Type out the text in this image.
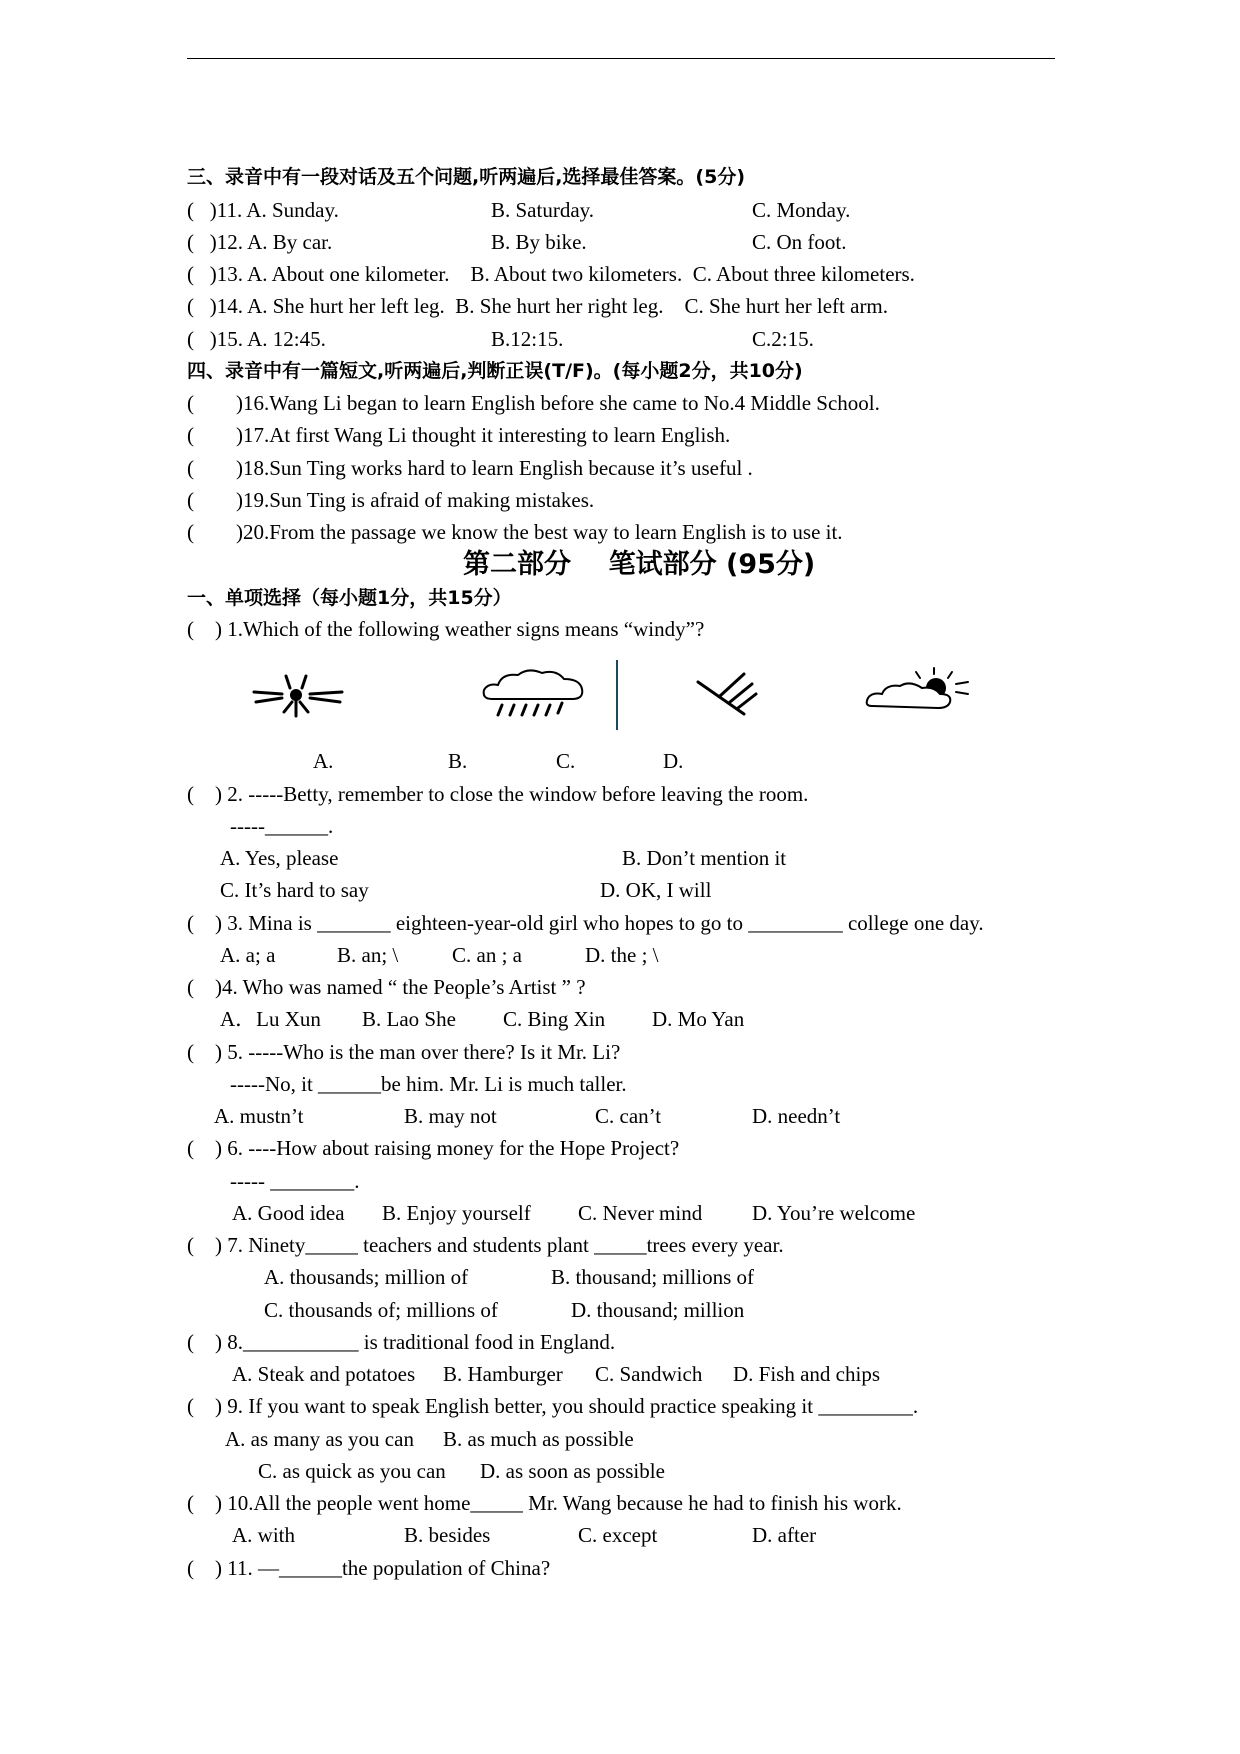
三、录音中有一段对话及五个问题,听两遍后,选择最佳答案。(5分)
(   )11. A. Sunday.	B. Saturday.	C. Monday.
(   )12. A. By car.	B. By bike.	C. On foot.
(   )13. A. About one kilometer.    B. About two kilometers.  C. About three kilometers.
(   )14. A. She hurt her left leg.  B. She hurt her right leg.    C. She hurt her left arm.
(   )15. A. 12:45.	B.12:15.	C.2:15.
四、录音中有一篇短文,听两遍后,判断正误(T/F)。(每小题2分，共10分)
(        )16.Wang Li began to learn English before she came to No.4 Middle School.
(        )17.At first Wang Li thought it interesting to learn English.
(        )18.Sun Ting works hard to learn English because it’s useful .
(        )19.Sun Ting is afraid of making mistakes.
(        )20.From the passage we know the best way to learn English is to use it.
第二部分    笔试部分 (95分)
一、单项选择（每小题1分，共15分）
(    ) 1.Which of the following weather signs means “windy”?
A.	B.	C.	D.
(    ) 2. -----Betty, remember to close the window before leaving the room.
-----______.
A. Yes, please	B. Don’t mention it
C. It’s hard to say	D. OK, I will
(    ) 3. Mina is _______ eighteen-year-old girl who hopes to go to _________ college one day.
A. a; a	B. an; \	C. an ; a	D. the ; \
(    )4. Who was named “ the People’s Artist ” ?
A．Lu Xun B. Lao She C. Bing Xin D. Mo Yan
(    ) 5. -----Who is the man over there? Is it Mr. Li?
-----No, it ______be him. Mr. Li is much taller.
A. mustn’t	B. may not	C. can’t	D. needn’t
(    ) 6. ----How about raising money for the Hope Project?
----- ________.
A. Good idea B. Enjoy yourself C. Never mind D. You’re welcome
(    ) 7. Ninety_____ teachers and students plant _____trees every year.
A. thousands; million of	B. thousand; millions of
C. thousands of; millions of	D. thousand; million
(    ) 8.___________ is traditional food in England.
A. Steak and potatoes B. Hamburger C. Sandwich D. Fish and chips
(    ) 9. If you want to speak English better, you should practice speaking it _________.
A. as many as you can B. as much as possible
C. as quick as you can D. as soon as possible
(    ) 10.All the people went home_____ Mr. Wang because he had to finish his work.
A. with	B. besides	C. except	D. after
(    ) 11. —______the population of China?
